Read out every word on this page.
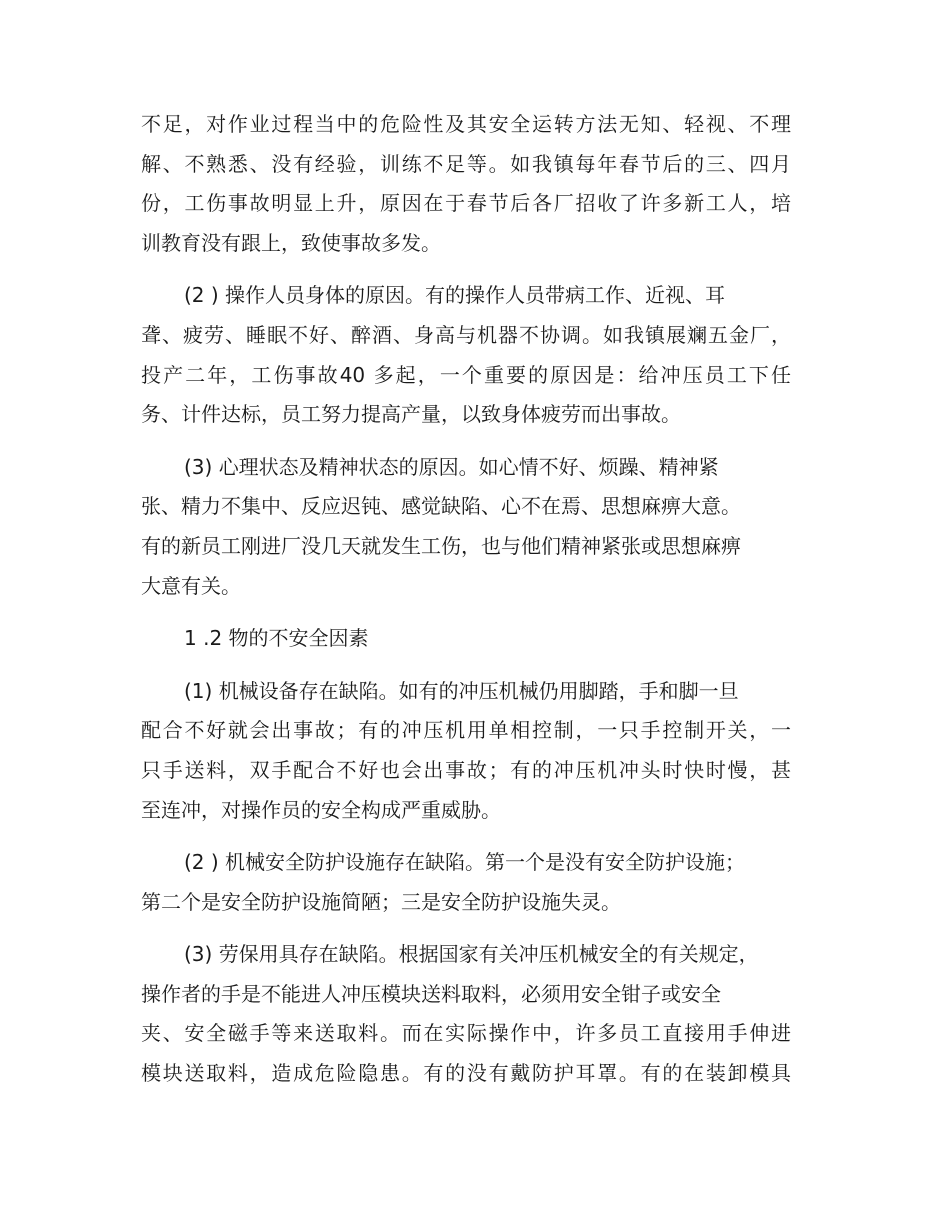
不足，对作业过程当中的危险性及其安全运转方法无知、轻视、不理
解、不熟悉、没有经验，训练不足等。如我镇每年春节后的三、四月
份，工伤事故明显上升，原因在于春节后各厂招收了许多新工人，培
训教育没有跟上，致使事故多发。
(2 ) 操作人员身体的原因。有的操作人员带病工作、近视、耳
聋、疲劳、睡眠不好、醉酒、身高与机器不协调。如我镇展斓五金厂，
投产二年，工伤事故40 多起，一个重要的原因是：给冲压员工下任
务、计件达标，员工努力提高产量，以致身体疲劳而出事故。
(3) 心理状态及精神状态的原因。如心情不好、烦躁、精神紧
张、精力不集中、反应迟钝、感觉缺陷、心不在焉、思想麻痹大意。
有的新员工刚进厂没几天就发生工伤，也与他们精神紧张或思想麻痹
大意有关。
1 .2 物的不安全因素
(1) 机械设备存在缺陷。如有的冲压机械仍用脚踏，手和脚一旦
配合不好就会出事故；有的冲压机用单相控制，一只手控制开关，一
只手送料，双手配合不好也会出事故；有的冲压机冲头时快时慢，甚
至连冲，对操作员的安全构成严重威胁。
(2 ) 机械安全防护设施存在缺陷。第一个是没有安全防护设施；
第二个是安全防护设施简陋；三是安全防护设施失灵。
(3) 劳保用具存在缺陷。根据国家有关冲压机械安全的有关规定，
操作者的手是不能进人冲压模块送料取料，必须用安全钳子或安全
夹、安全磁手等来送取料。而在实际操作中，许多员工直接用手伸进
模块送取料，造成危险隐患。有的没有戴防护耳罩。有的在装卸模具
